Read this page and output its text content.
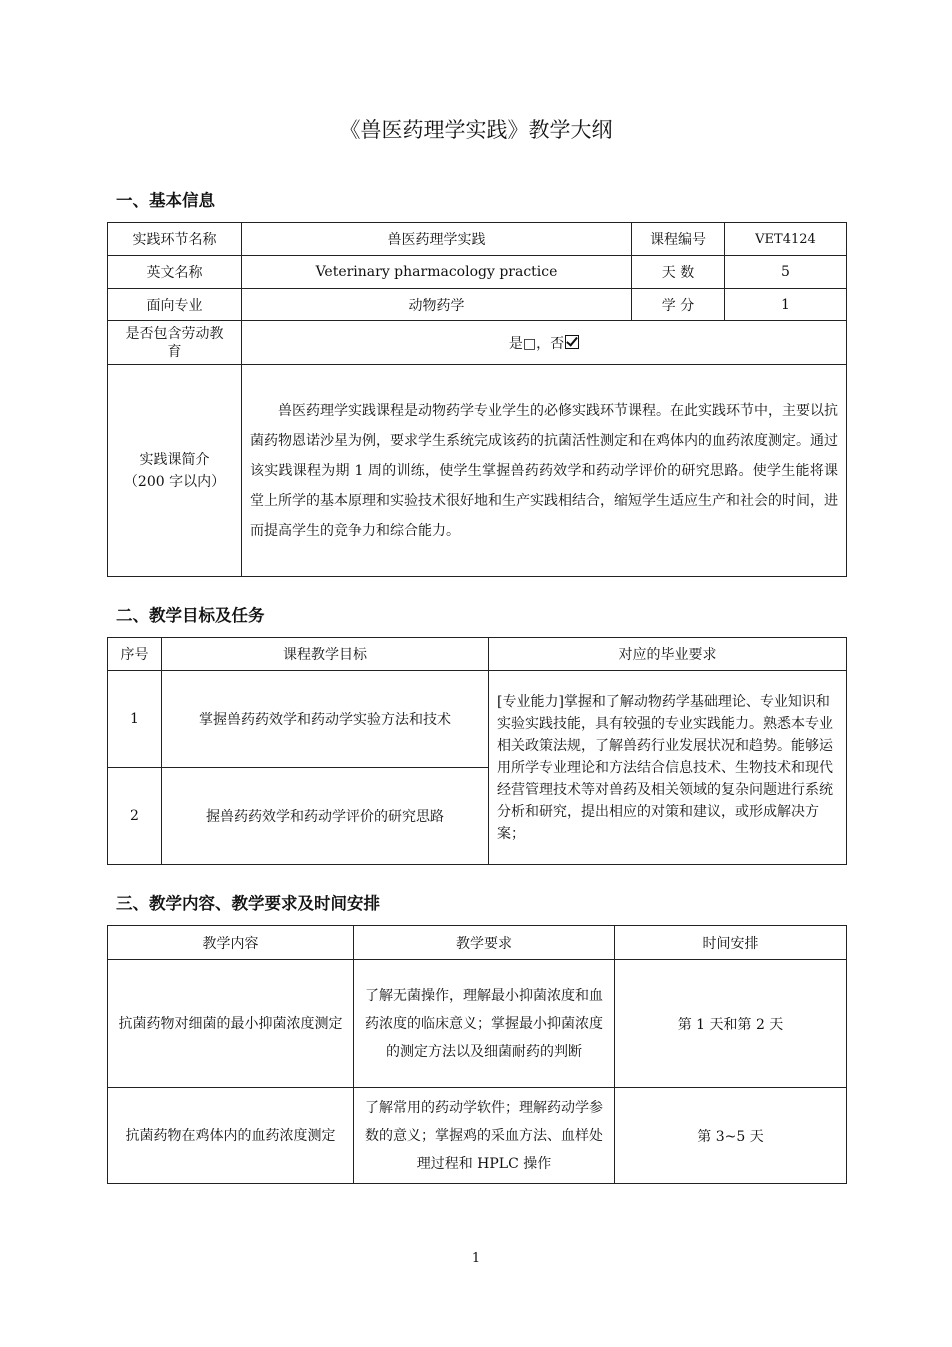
《兽医药理学实践》教学大纲
一、基本信息
实践环节名称	兽医药理学实践	课程编号	VET4124
英文名称	Veterinary pharmacology practice	天 数	5
面向专业	动物药学	学 分	1
是否包含劳动教育	是□，否		

实践课简介
（200 字以内）	兽医药理学实践课程是动物药学专业学生的必修实践环节课程。在此实践环节中，主要以抗菌药物恩诺沙星为例，要求学生系统完成该药的抗菌活性测定和在鸡体内的血药浓度测定。通过该实践课程为期 1 周的训练，使学生掌握兽药药效学和药动学评价的研究思路。使学生能将课堂上所学的基本原理和实验技术很好地和生产实践相结合，缩短学生适应生产和社会的时间，进而提高学生的竞争力和综合能力。		
二、教学目标及任务
序号	课程教学目标	对应的毕业要求
1	掌握兽药药效学和药动学实验方法和技术	[专业能力]掌握和了解动物药学基础理论、专业知识和实验实践技能，具有较强的专业实践能力。熟悉本专业相关政策法规，了解兽药行业发展状况和趋势。能够运用所学专业理论和方法结合信息技术、生物技术和现代经营管理技术等对兽药及相关领域的复杂问题进行系统分析和研究，提出相应的对策和建议，或形成解决方案；
2	握兽药药效学和药动学评价的研究思路	
三、教学内容、教学要求及时间安排
教学内容	教学要求	时间安排
抗菌药物对细菌的最小抑菌浓度测定	了解无菌操作，理解最小抑菌浓度和血药浓度的临床意义；掌握最小抑菌浓度的测定方法以及细菌耐药的判断	第 1 天和第 2 天
抗菌药物在鸡体内的血药浓度测定	了解常用的药动学软件；理解药动学参数的意义；掌握鸡的采血方法、血样处理过程和 HPLC 操作	第 3~5 天
1
